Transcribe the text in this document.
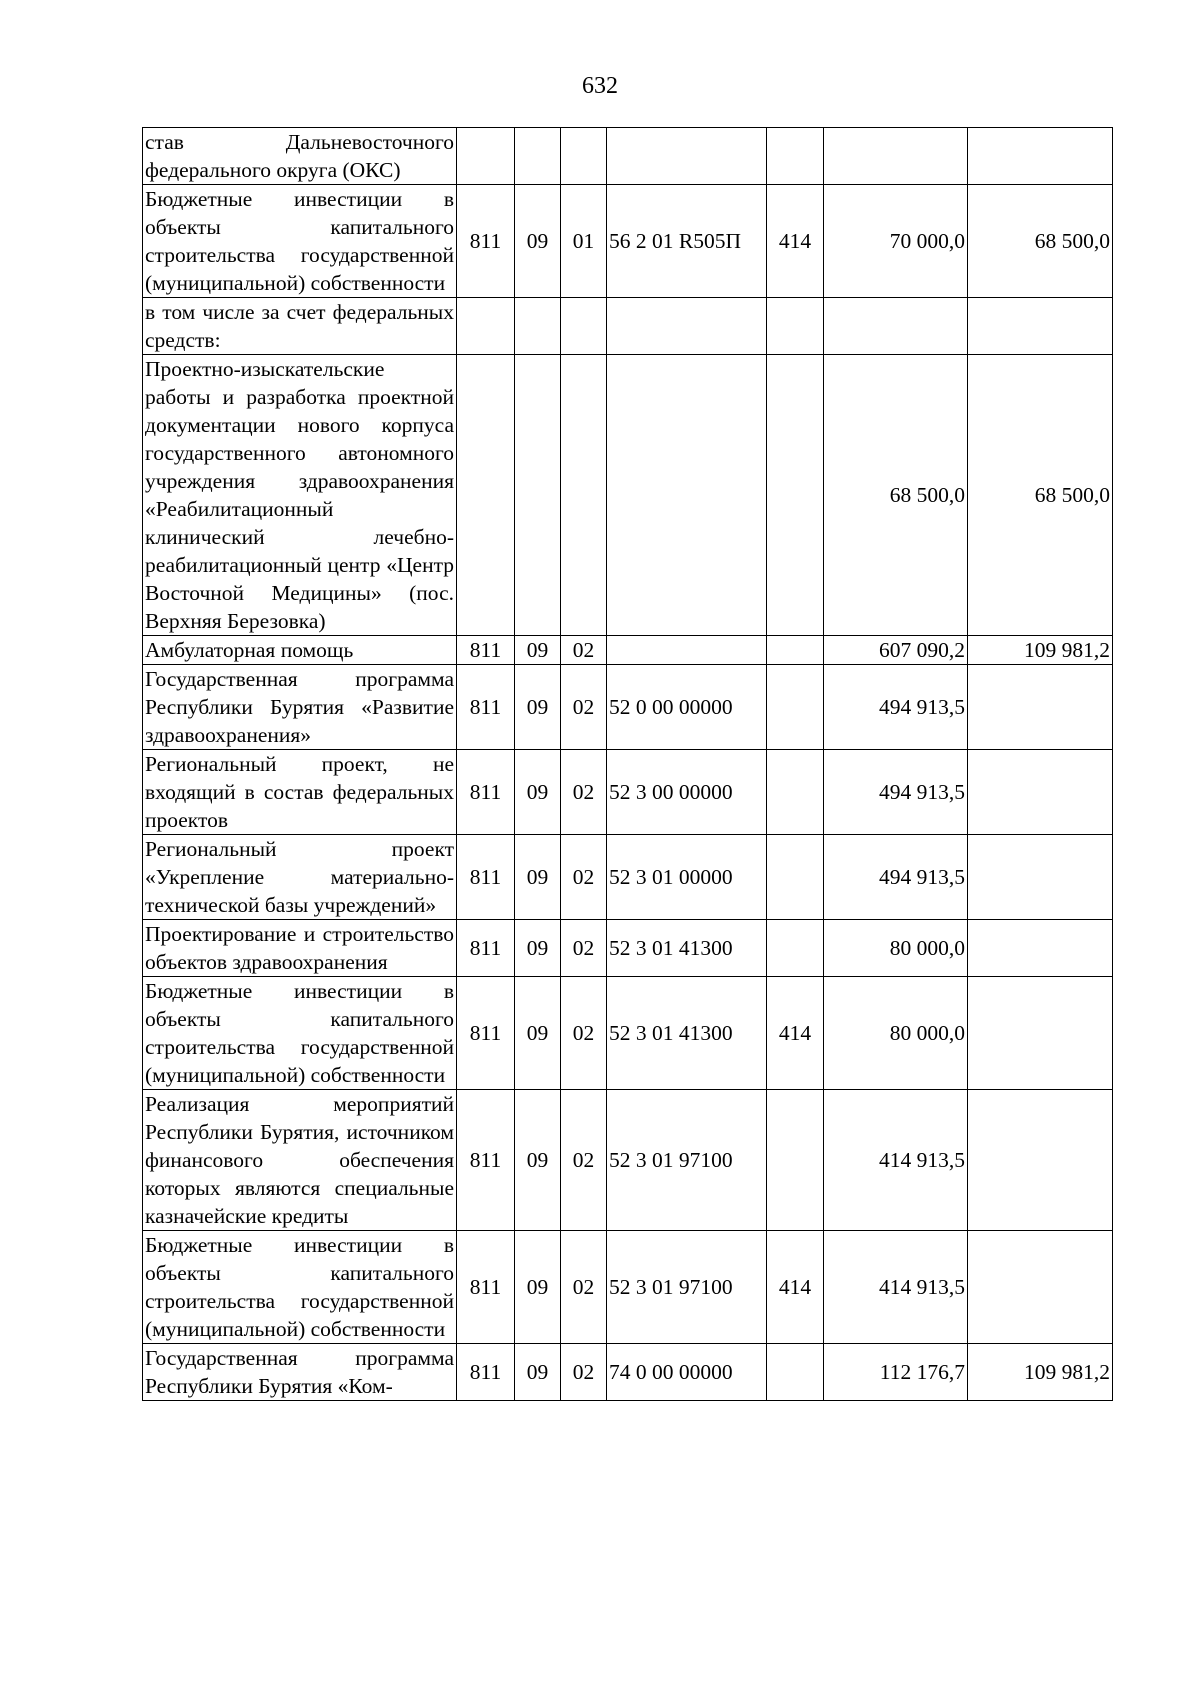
632
став Дальневосточного федерального округа (ОКС)							
Бюджетные инвестиции в объекты капитального строительства государственной (муниципальной) собственности	811	09	01	56 2 01 R505П	414	70 000,0	68 500,0
в том числе за счет федеральных средств:							
Проектно-изыскательские работы и разработка проектной документации нового корпуса государственного автономного учреждения здравоохранения «Реабилитационный клинический лечебно-реабилитационный центр «Центр Восточной Медицины» (пос. Верхняя Березовка)						68 500,0	68 500,0
Амбулаторная помощь	811	09	02			607 090,2	109 981,2
Государственная программа Республики Бурятия «Развитие здравоохранения»	811	09	02	52 0 00 00000		494 913,5	
Региональный проект, не входящий в состав федеральных проектов	811	09	02	52 3 00 00000		494 913,5	
Региональный проект «Укрепление материально-технической базы учреждений»	811	09	02	52 3 01 00000		494 913,5	
Проектирование и строительство объектов здравоохранения	811	09	02	52 3 01 41300		80 000,0	
Бюджетные инвестиции в объекты капитального строительства государственной (муниципальной) собственности	811	09	02	52 3 01 41300	414	80 000,0	
Реализация мероприятий Республики Бурятия, источником финансового обеспечения которых являются специальные казначейские кредиты	811	09	02	52 3 01 97100		414 913,5	
Бюджетные инвестиции в объекты капитального строительства государственной (муниципальной) собственности	811	09	02	52 3 01 97100	414	414 913,5	
Государственная программа Республики Бурятия «Ком-	811	09	02	74 0 00 00000		112 176,7	109 981,2
